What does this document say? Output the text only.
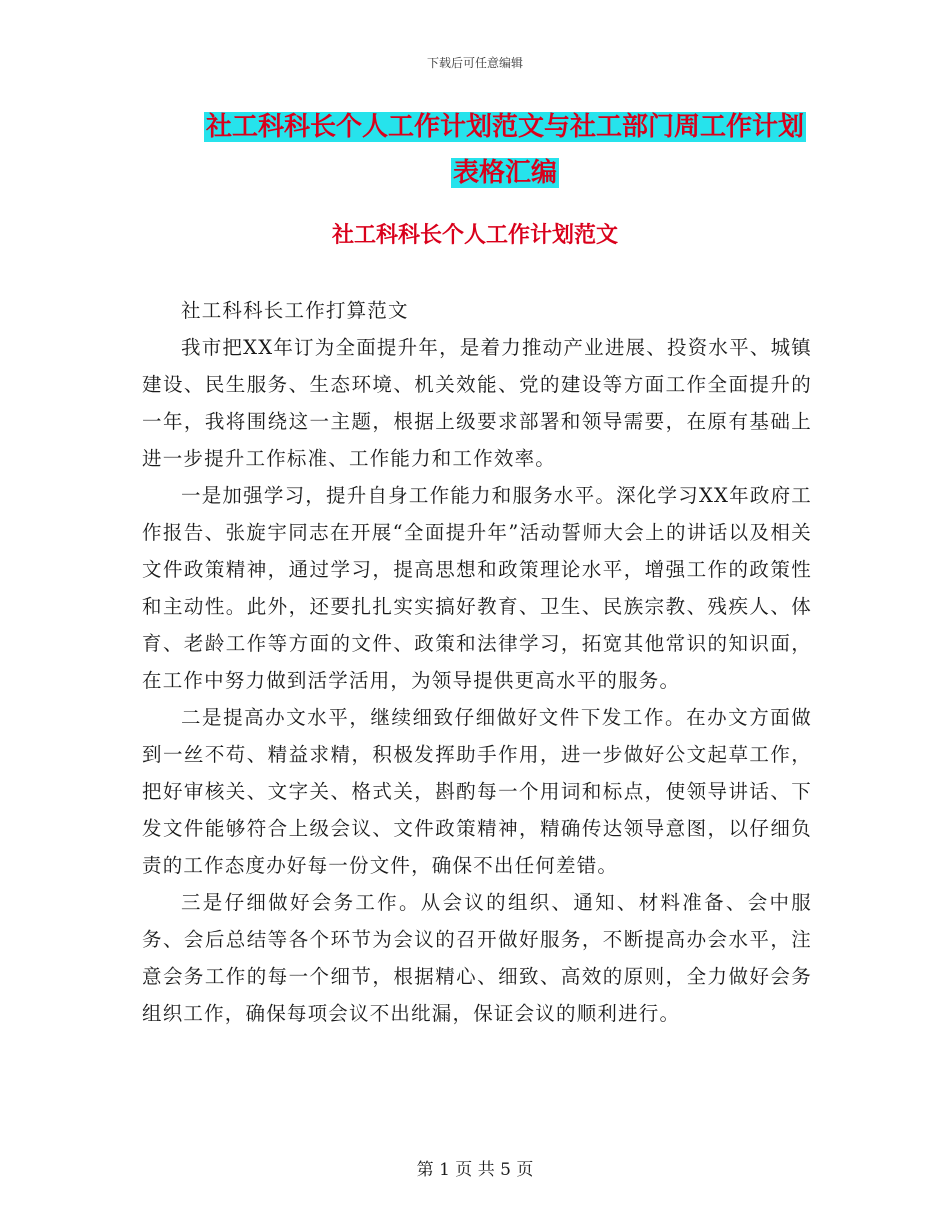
下载后可任意编辑
社工科科长个人工作计划范文与社工部门周工作计划
表格汇编
社工科科长个人工作计划范文

社工科科长工作打算范文

我市把XX年订为全面提升年，是着力推动产业进展、投资水平、城镇建设、民生服务、生态环境、机关效能、党的建设等方面工作全面提升的一年，我将围绕这一主题，根据上级要求部署和领导需要，在原有基础上进一步提升工作标准、工作能力和工作效率。

一是加强学习，提升自身工作能力和服务水平。深化学习XX年政府工作报告、张旋宇同志在开展“全面提升年”活动誓师大会上的讲话以及相关文件政策精神，通过学习，提高思想和政策理论水平，增强工作的政策性和主动性。此外，还要扎扎实实搞好教育、卫生、民族宗教、残疾人、体育、老龄工作等方面的文件、政策和法律学习，拓宽其他常识的知识面，在工作中努力做到活学活用，为领导提供更高水平的服务。

二是提高办文水平，继续细致仔细做好文件下发工作。在办文方面做到一丝不苟、精益求精，积极发挥助手作用，进一步做好公文起草工作，把好审核关、文字关、格式关，斟酌每一个用词和标点，使领导讲话、下发文件能够符合上级会议、文件政策精神，精确传达领导意图，以仔细负责的工作态度办好每一份文件，确保不出任何差错。

三是仔细做好会务工作。从会议的组织、通知、材料准备、会中服务、会后总结等各个环节为会议的召开做好服务，不断提高办会水平，注意会务工作的每一个细节，根据精心、细致、高效的原则，全力做好会务组织工作，确保每项会议不出纰漏，保证会议的顺利进行。

第 1 页 共 5 页
